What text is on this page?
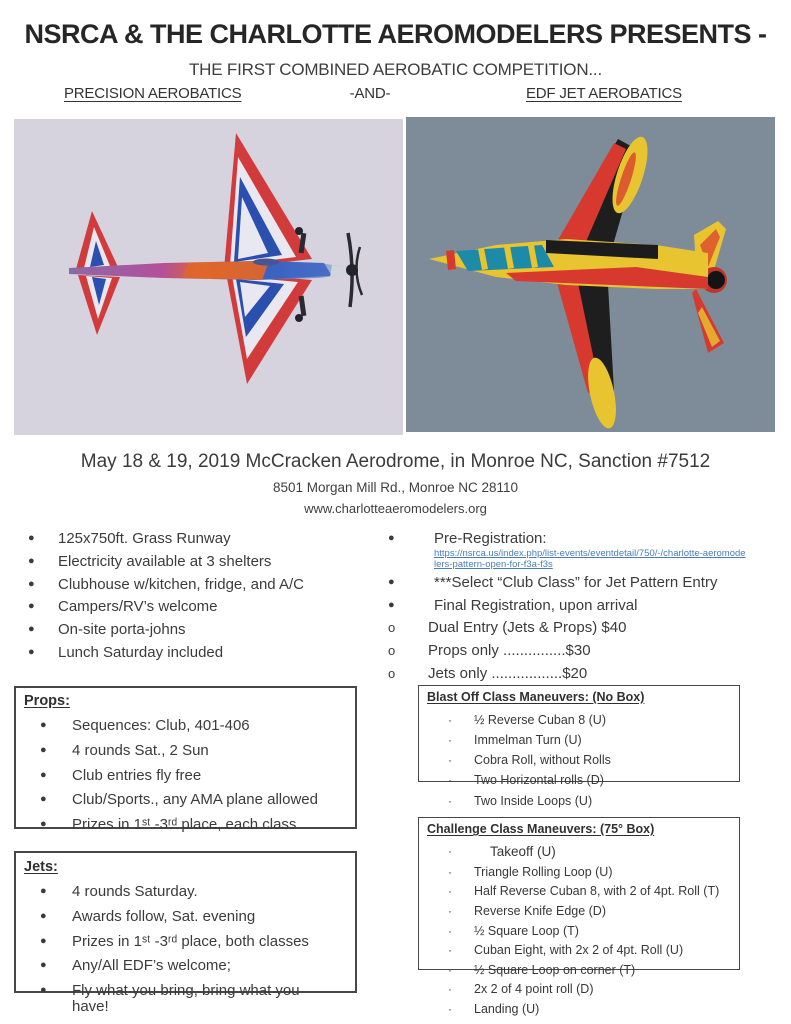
NSRCA & THE CHARLOTTE AEROMODELERS PRESENTS -
THE FIRST COMBINED AEROBATIC COMPETITION...
PRECISION AEROBATICS	-AND-	EDF JET AEROBATICS
May 18 & 19, 2019 McCracken Aerodrome, in Monroe NC, Sanction #7512
8501 Morgan Mill Rd., Monroe NC 28110
www.charlotteaeromodelers.org
●	125x750ft. Grass Runway
●	Electricity available at 3 shelters
●	Clubhouse w/kitchen, fridge, and A/C
●	Campers/RV’s welcome
●	On-site porta-johns
●	Lunch Saturday included
●	Pre-Registration:
https://nsrca.us/index.php/list-events/eventdetail/750/-/charlotte-aeromode
lers-pattern-open-for-f3a-f3s
●	***Select “Club Class” for Jet Pattern Entry
●	Final Registration, upon arrival
o	Dual Entry (Jets & Props) $40
o	Props only ...............$30
o	Jets only .................$20
Props:
●	Sequences: Club, 401-406
●	4 rounds Sat., 2 Sun
●	Club entries fly free
●	Club/Sports., any AMA plane allowed
●	Prizes in 1ˢᵗ -3ʳᵈ place, each class
Jets:
●	4 rounds Saturday.
●	Awards follow, Sat. evening
●	Prizes in 1ˢᵗ -3ʳᵈ place, both classes
●	Any/All EDF’s welcome;
●	Fly what you bring, bring what you have!
Blast Off Class Maneuvers: (No Box)
·	½ Reverse Cuban 8 (U)
·	Immelman Turn (U)
·	Cobra Roll, without Rolls
·	Two Horizontal rolls (D)
·	Two Inside Loops (U)
Challenge Class Maneuvers: (75° Box)
·	Takeoff (U)
·	Triangle Rolling Loop (U)
·	Half Reverse Cuban 8, with 2 of 4pt. Roll (T)
·	Reverse Knife Edge (D)
·	½ Square Loop (T)
·	Cuban Eight, with 2x 2 of 4pt. Roll (U)
·	½ Square Loop on corner (T)
·	2x 2 of 4 point roll (D)
·	Landing (U)
